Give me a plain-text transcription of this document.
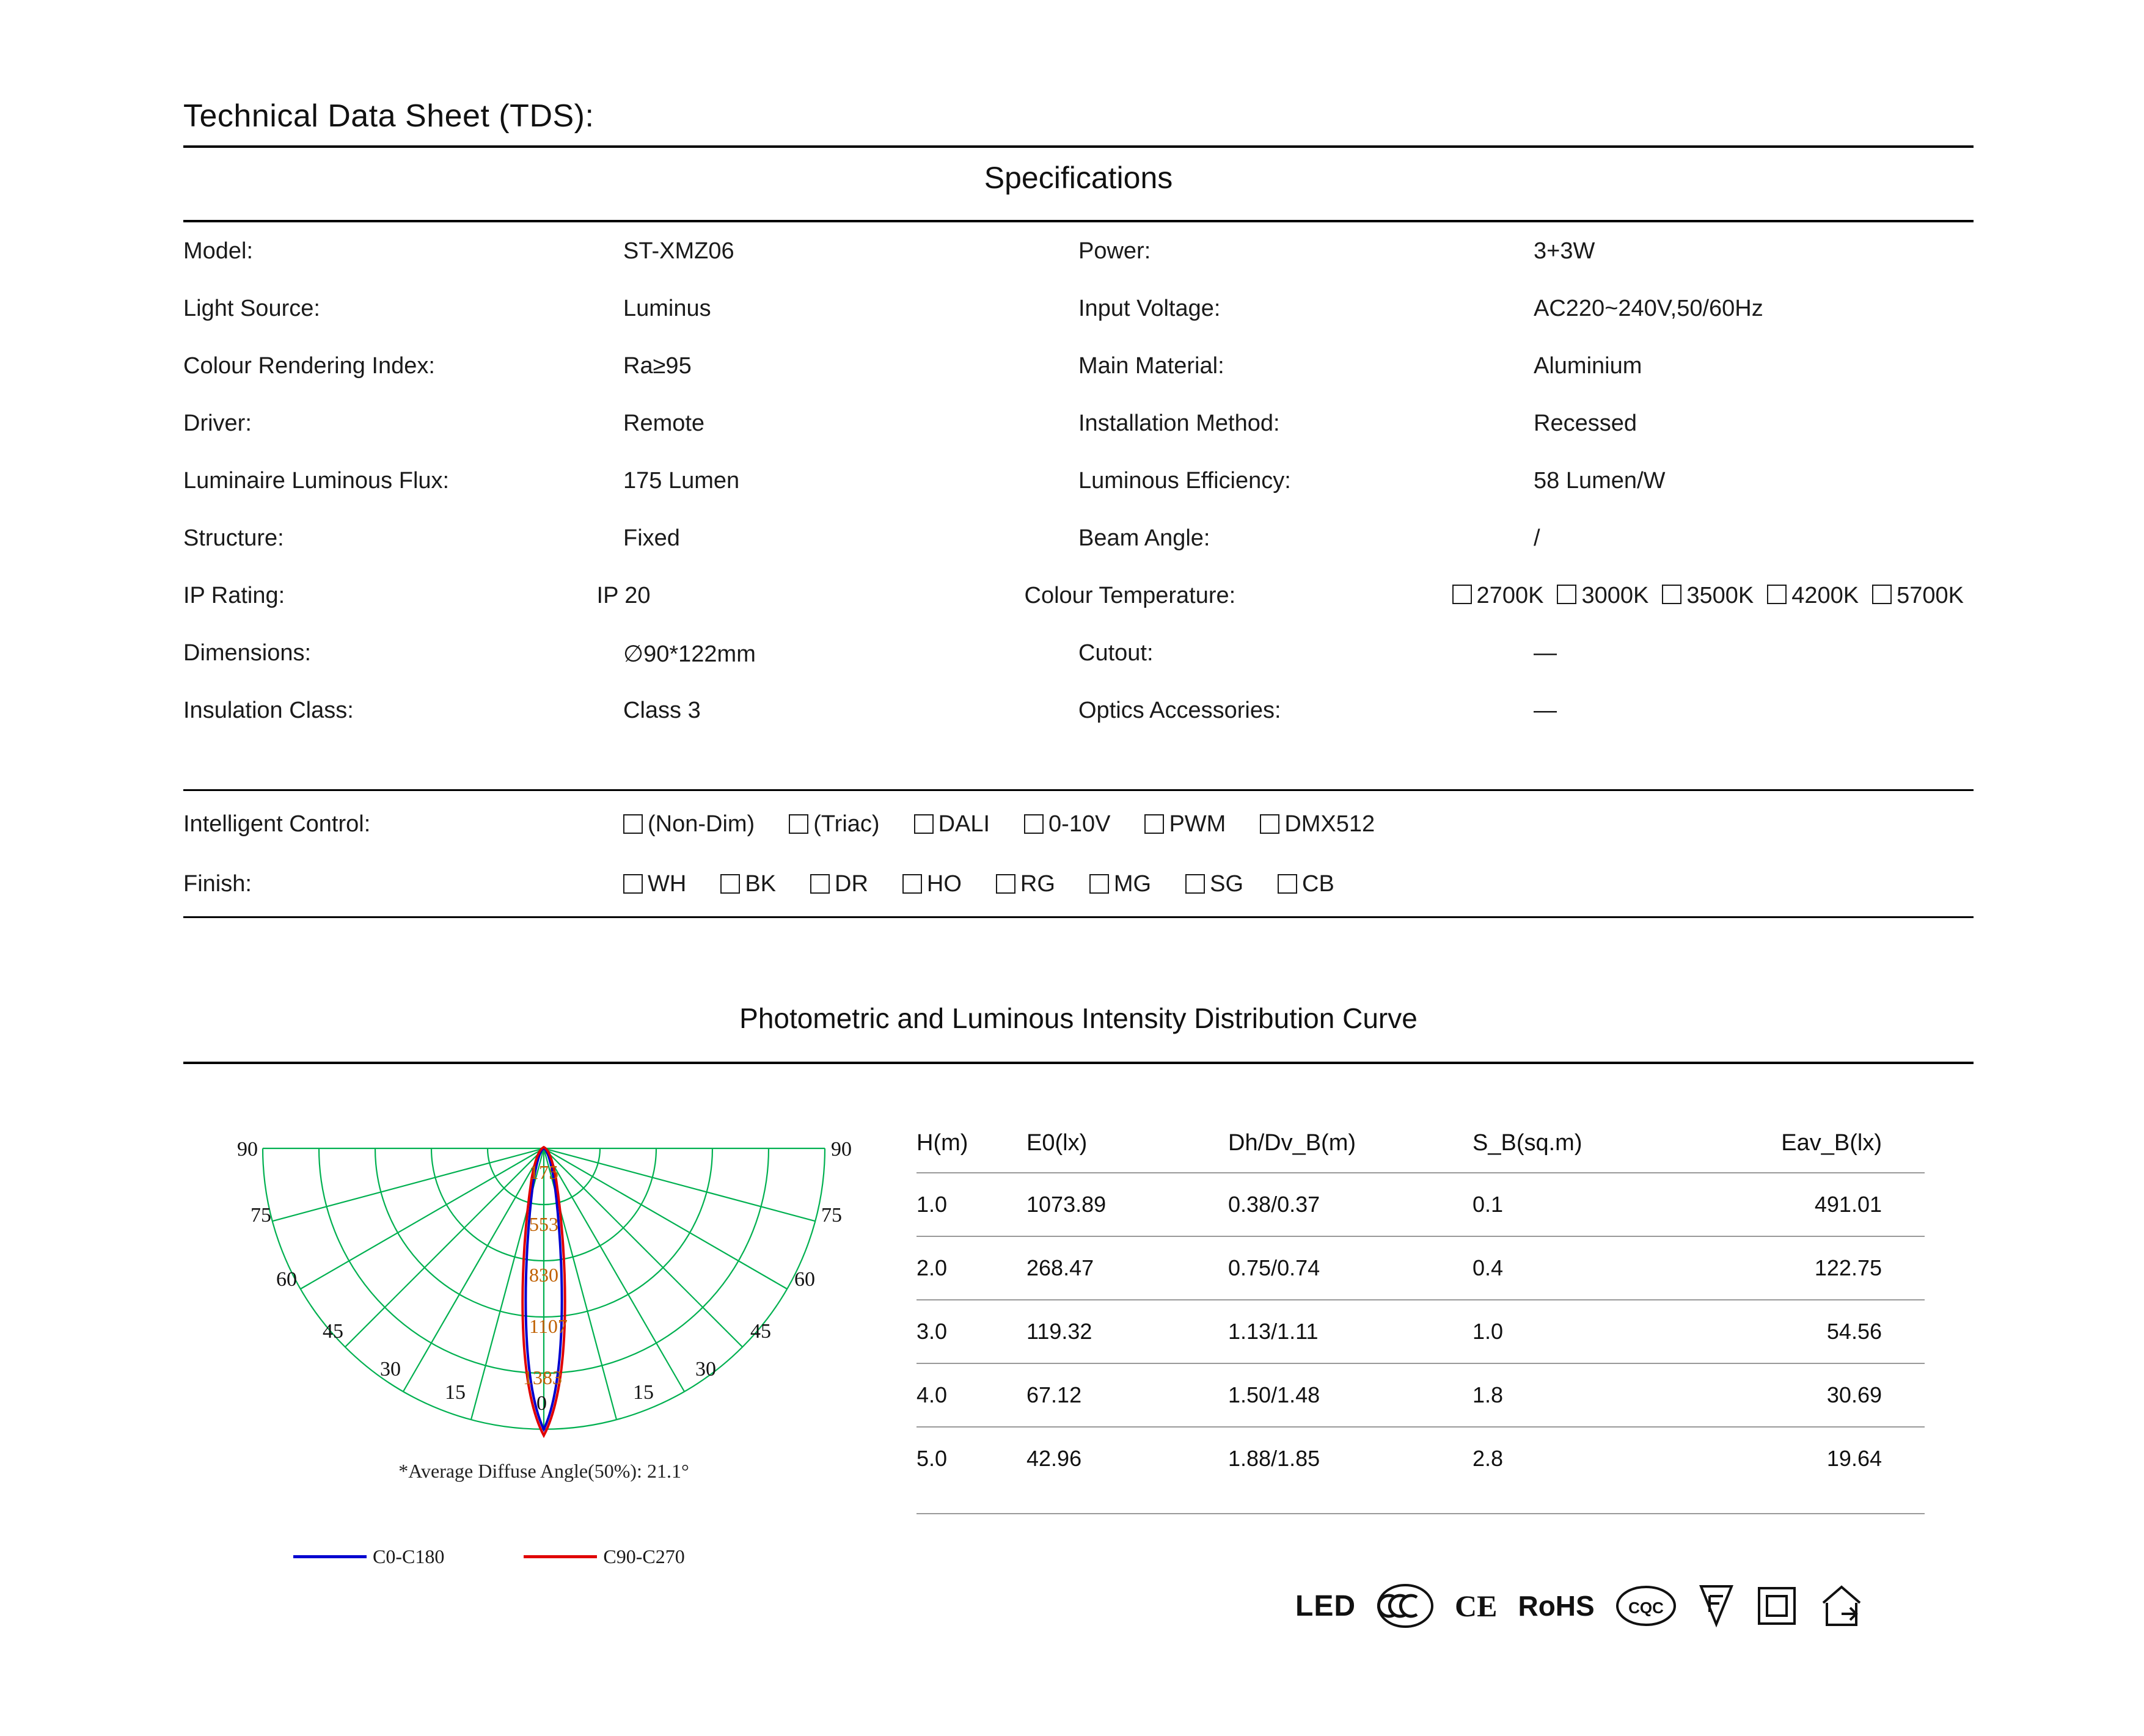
Technical Data Sheet (TDS):
Specifications
Model:	ST-XMZ06	Power:	3+3W
Light Source:	Luminus	Input Voltage:	AC220~240V,50/60Hz
Colour Rendering Index:	Ra≥95	Main Material:	Aluminium
Driver:	Remote	Installation Method:	Recessed
Luminaire Luminous Flux:	175 Lumen	Luminous Efficiency:	58 Lumen/W
Structure:	Fixed	Beam Angle:	/
IP Rating:	IP 20	Colour Temperature:	2700K	3000K	3500K	4200K	5700K
Dimensions:	∅90*122mm	Cutout:	—
Insulation Class:	Class 3	Optics Accessories:	—
Intelligent Control:	(Non-Dim)	(Triac)	DALI	0-10V	PWM	DMX512
Finish:	WH	BK	DR	HO	RG	MG	SG	CB
Photometric and Luminous Intensity Distribution Curve
90	90
75	75
60	60
45	45
30	30
15	15
0
175
553
830
1107
1383
*Average Diffuse Angle(50%): 21.1°
C0-C180	C90-C270
H(m)	E0(lx)	Dh/Dv_B(m)	S_B(sq.m)	Eav_B(lx)
1.0	1073.89	0.38/0.37	0.1	491.01
2.0	268.47	0.75/0.74	0.4	122.75
3.0	119.32	1.13/1.11	1.0	54.56
4.0	67.12	1.50/1.48	1.8	30.69
5.0	42.96	1.88/1.85	2.8	19.64
LED	CE RoHS CQC
